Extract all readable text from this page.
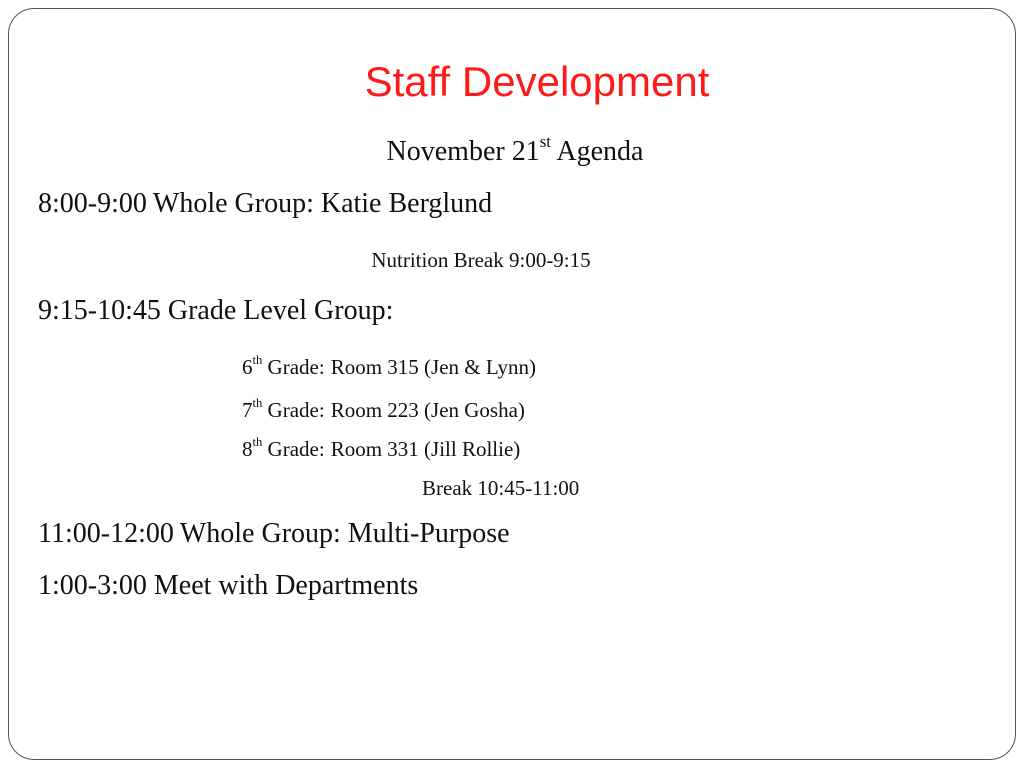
Staff Development
November 21st Agenda
8:00-9:00 Whole Group: Katie Berglund
Nutrition Break 9:00-9:15
9:15-10:45 Grade Level Group:
6th Grade: Room 315 (Jen & Lynn)
7th Grade: Room 223 (Jen Gosha)
8th Grade: Room 331 (Jill Rollie)
Break 10:45-11:00
11:00-12:00 Whole Group: Multi-Purpose
1:00-3:00 Meet with Departments
